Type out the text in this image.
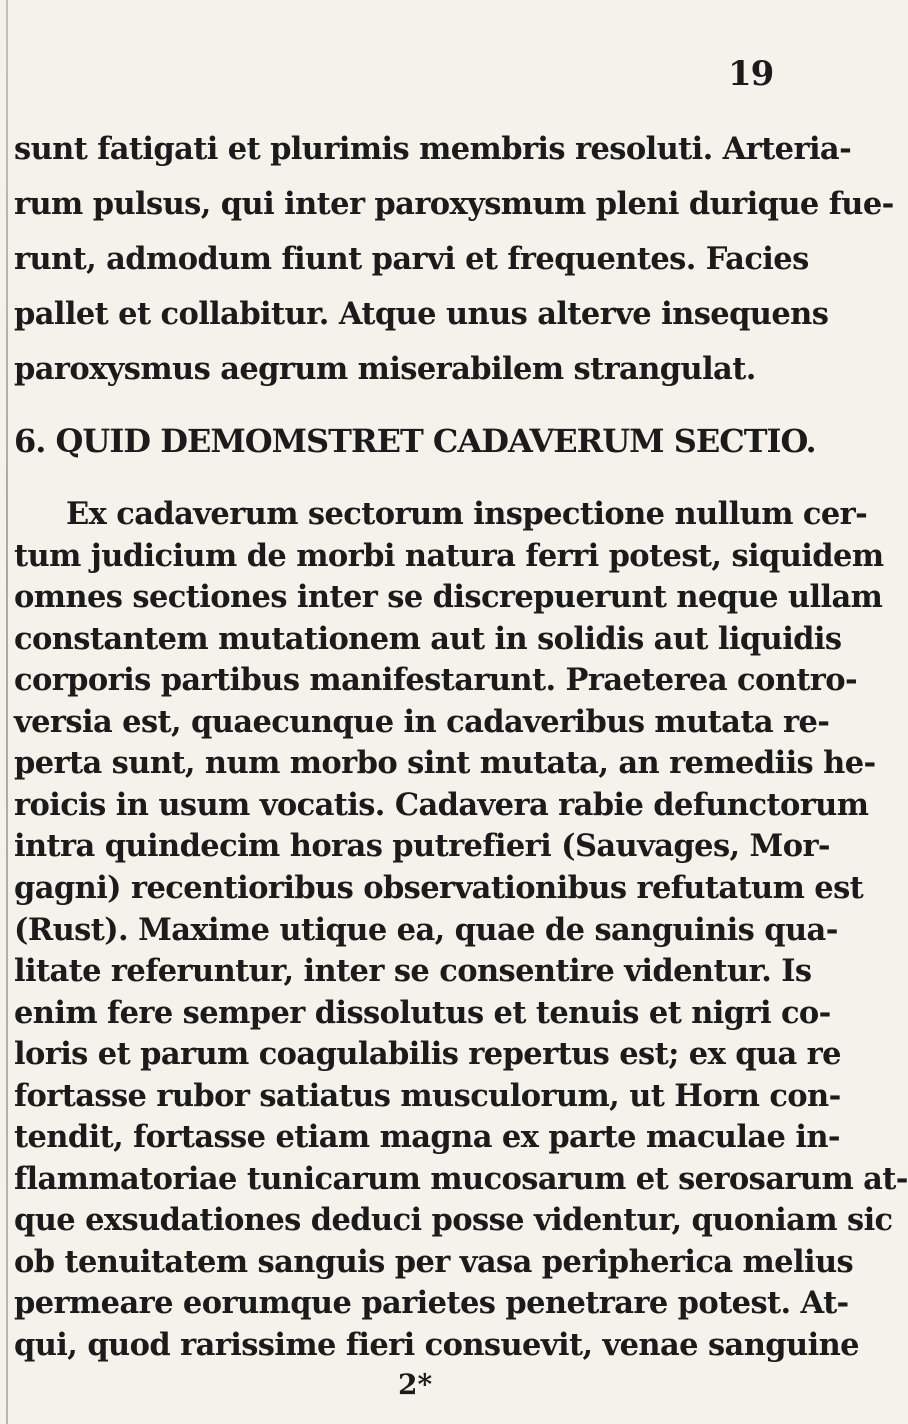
19
sunt fatigati et plurimis membris resoluti. Arteria-
rum pulsus, qui inter paroxysmum pleni durique fue-
runt, admodum fiunt parvi et frequentes. Facies
pallet et collabitur. Atque unus alterve insequens
paroxysmus aegrum miserabilem strangulat.
6. QUID DEMOMSTRET CADAVERUM SECTIO.
Ex cadaverum sectorum inspectione nullum cer-
tum judicium de morbi natura ferri potest, siquidem
omnes sectiones inter se discrepuerunt neque ullam
constantem mutationem aut in solidis aut liquidis
corporis partibus manifestarunt. Praeterea contro-
versia est, quaecunque in cadaveribus mutata re-
perta sunt, num morbo sint mutata, an remediis he-
roicis in usum vocatis. Cadavera rabie defunctorum
intra quindecim horas putrefieri (Sauvages, Mor-
gagni) recentioribus observationibus refutatum est
(Rust). Maxime utique ea, quae de sanguinis qua-
litate referuntur, inter se consentire videntur. Is
enim fere semper dissolutus et tenuis et nigri co-
loris et parum coagulabilis repertus est; ex qua re
fortasse rubor satiatus musculorum, ut Horn con-
tendit, fortasse etiam magna ex parte maculae in-
flammatoriae tunicarum mucosarum et serosarum at-
que exsudationes deduci posse videntur, quoniam sic
ob tenuitatem sanguis per vasa peripherica melius
permeare eorumque parietes penetrare potest. At-
qui, quod rarissime fieri consuevit, venae sanguine
2*
